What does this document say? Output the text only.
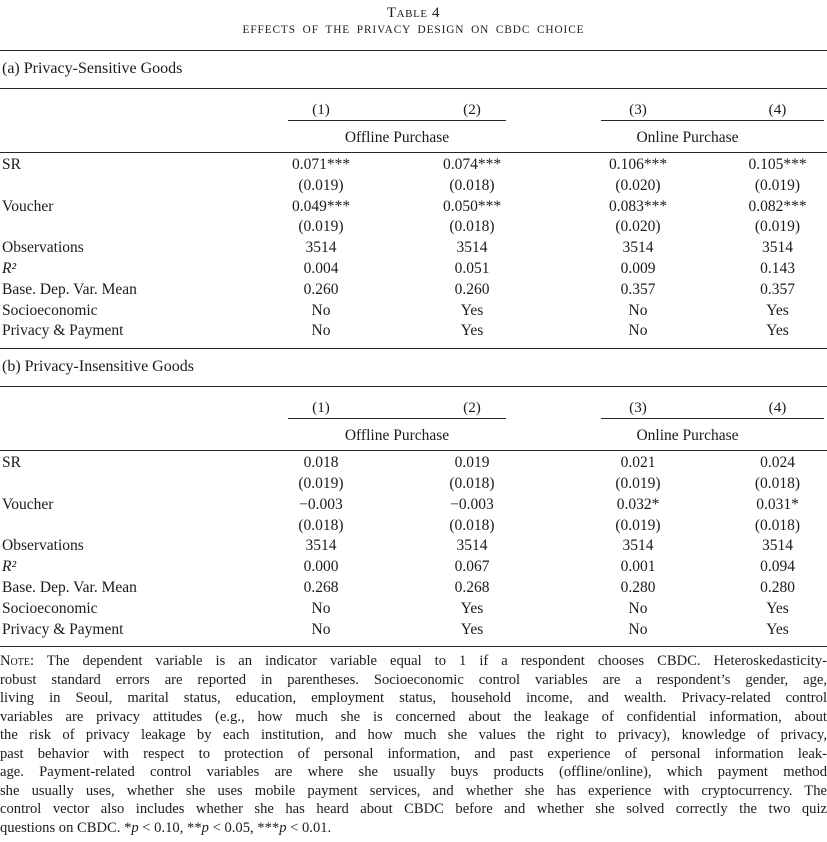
Table 4
EFFECTS OF THE PRIVACY DESIGN ON CBDC CHOICE
(a) Privacy-Sensitive Goods
(1)	(2)	(3)	(4)
Offline Purchase	Online Purchase
SR	0.071***	0.074***	0.106***	0.105***
(0.019)	(0.018)	(0.020)	(0.019)
Voucher	0.049***	0.050***	0.083***	0.082***
(0.019)	(0.018)	(0.020)	(0.019)
Observations	3514	3514	3514	3514
R²	0.004	0.051	0.009	0.143
Base. Dep. Var. Mean	0.260	0.260	0.357	0.357
Socioeconomic	No	Yes	No	Yes
Privacy & Payment	No	Yes	No	Yes
(b) Privacy-Insensitive Goods
(1)	(2)	(3)	(4)
Offline Purchase	Online Purchase
SR	0.018	0.019	0.021	0.024
(0.019)	(0.018)	(0.019)	(0.018)
Voucher	−0.003	−0.003	0.032*	0.031*
(0.018)	(0.018)	(0.019)	(0.018)
Observations	3514	3514	3514	3514
R²	0.000	0.067	0.001	0.094
Base. Dep. Var. Mean	0.268	0.268	0.280	0.280
Socioeconomic	No	Yes	No	Yes
Privacy & Payment	No	Yes	No	Yes
Note: The dependent variable is an indicator variable equal to 1 if a respondent chooses CBDC. Heteroskedasticity-
robust standard errors are reported in parentheses. Socioeconomic control variables are a respondent’s gender, age,
living in Seoul, marital status, education, employment status, household income, and wealth. Privacy-related control
variables are privacy attitudes (e.g., how much she is concerned about the leakage of confidential information, about
the risk of privacy leakage by each institution, and how much she values the right to privacy), knowledge of privacy,
past behavior with respect to protection of personal information, and past experience of personal information leak-
age. Payment-related control variables are where she usually buys products (offline/online), which payment method
she usually uses, whether she uses mobile payment services, and whether she has experience with cryptocurrency. The
control vector also includes whether she has heard about CBDC before and whether she solved correctly the two quiz
questions on CBDC. *p < 0.10, **p < 0.05, ***p < 0.01.
